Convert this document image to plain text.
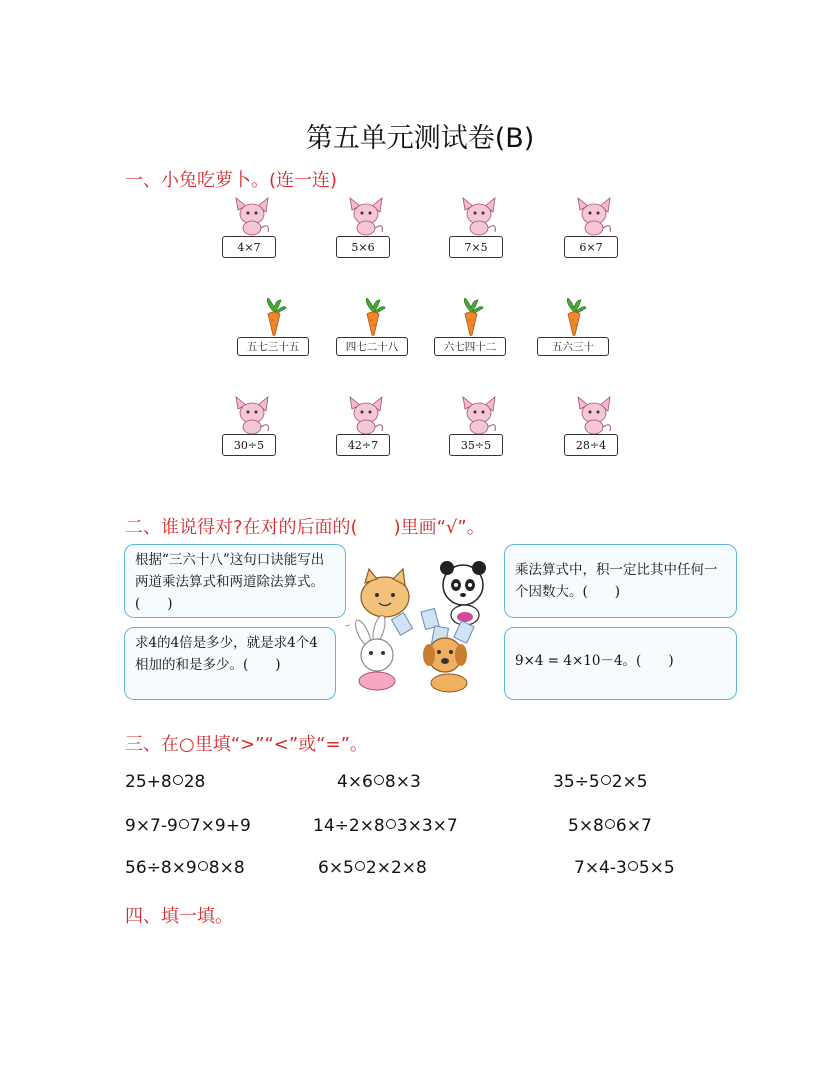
第五单元测试卷(B)
一、小兔吃萝卜。(连一连)
4×7	5×6	7×5	6×7
五七三十五	四七二十八	六七四十二	五六三十
30÷5	42÷7	35÷5	28÷4
二、谁说得对?在对的后面的(　　)里画“√”。
根据“三六十八”这句口诀能写出两道乘法算式和两道除法算式。(　　)
乘法算式中，积一定比其中任何一个因数大。(　　)
求4的4倍是多少，就是求4个4相加的和是多少。(　　)	9×4 = 4×10－4。(　　)
三、在○里填“>”“<”或“=”。
25+8 28	4×6 8×3	35÷5 2×5
9×7-9 7×9+9	14÷2×8 3×3×7	5×8 6×7
56÷8×9 8×8	6×5 2×2×8	7×4-3 5×5
四、填一填。
